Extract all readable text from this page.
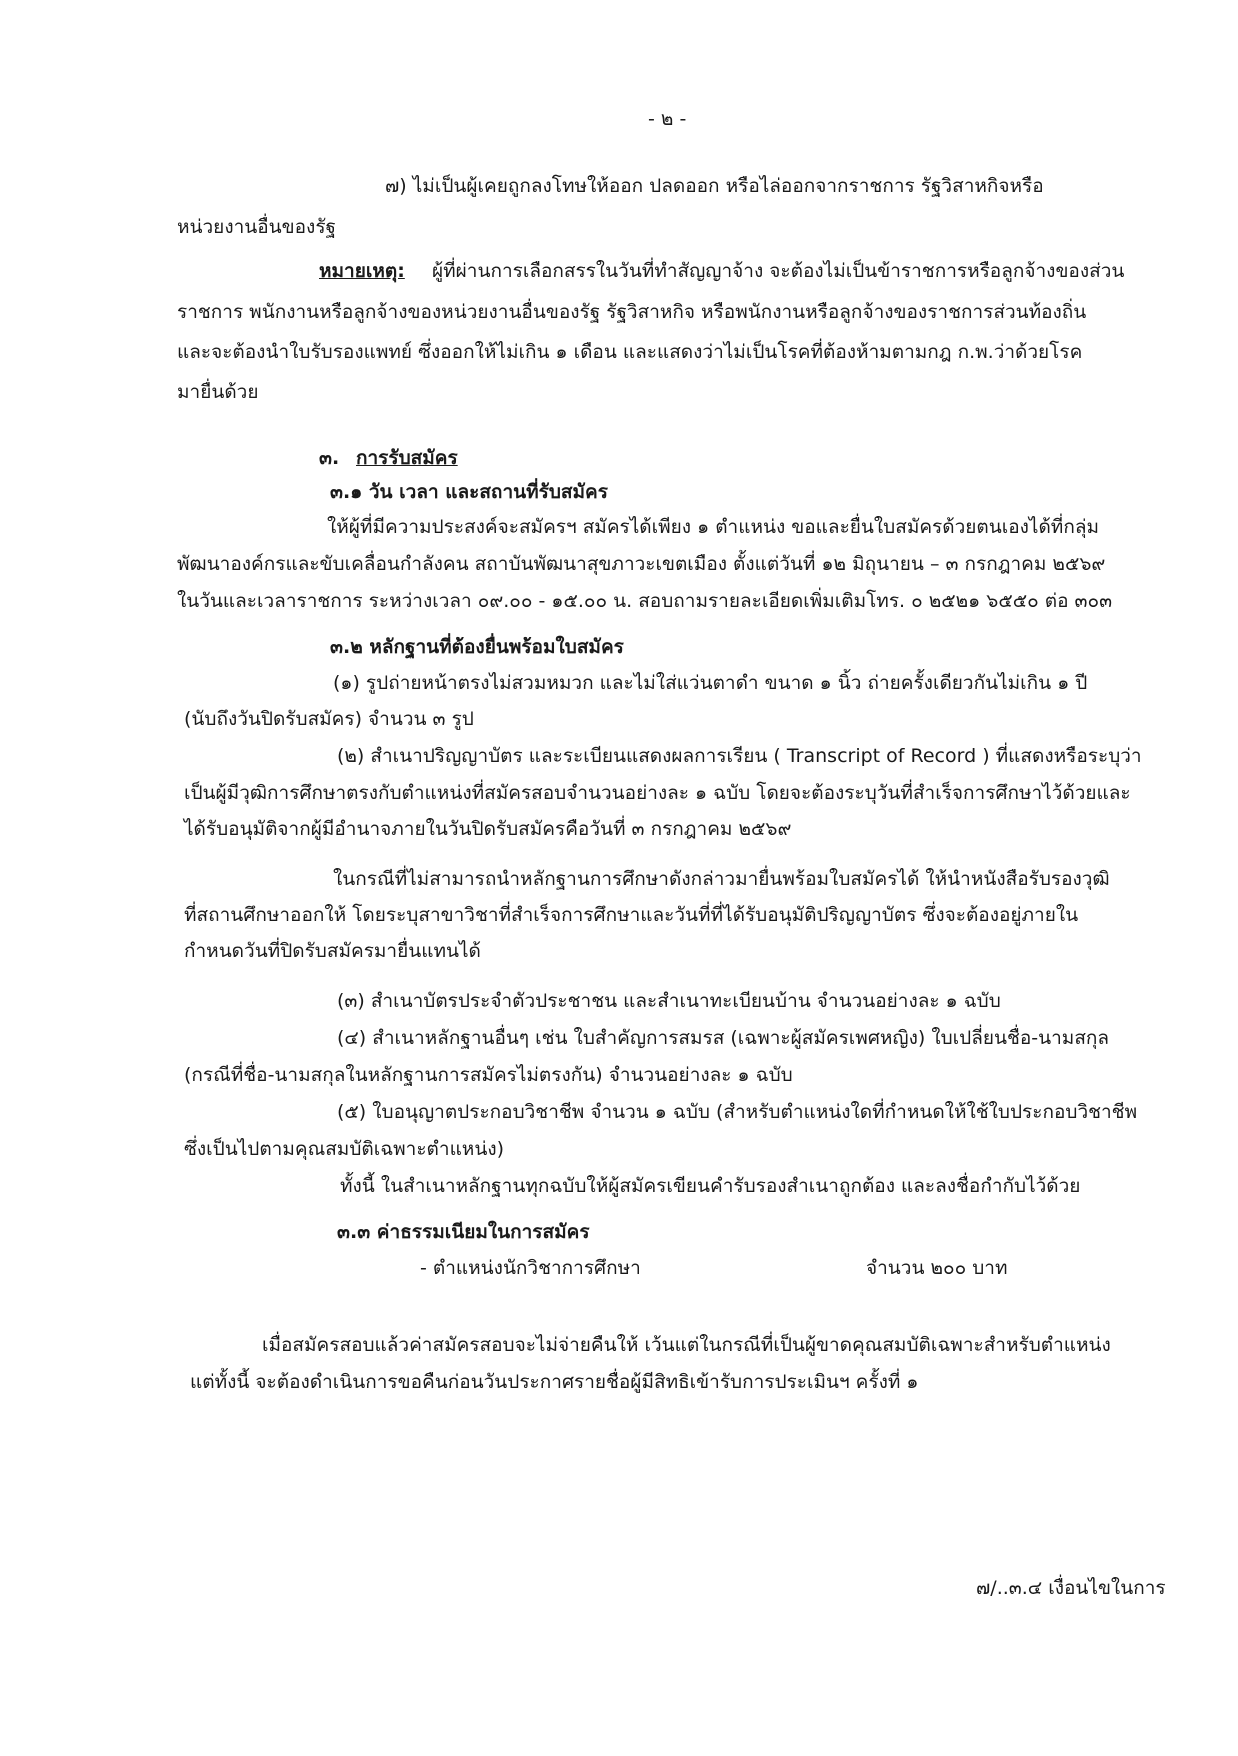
- ๒ -

๗) ไม่เป็นผู้เคยถูกลงโทษให้ออก ปลดออก หรือไล่ออกจากราชการ รัฐวิสาหกิจหรือ

หน่วยงานอื่นของรัฐ

หมายเหตุ: ผู้ที่ผ่านการเลือกสรรในวันที่ทำสัญญาจ้าง จะต้องไม่เป็นข้าราชการหรือลูกจ้างของส่วน

ราชการ พนักงานหรือลูกจ้างของหน่วยงานอื่นของรัฐ รัฐวิสาหกิจ หรือพนักงานหรือลูกจ้างของราชการส่วนท้องถิ่น

และจะต้องนำใบรับรองแพทย์ ซึ่งออกให้ไม่เกิน ๑ เดือน และแสดงว่าไม่เป็นโรคที่ต้องห้ามตามกฎ ก.พ.ว่าด้วยโรค

มายื่นด้วย

๓. การรับสมัคร

๓.๑ วัน เวลา และสถานที่รับสมัคร

ให้ผู้ที่มีความประสงค์จะสมัครฯ สมัครได้เพียง ๑ ตำแหน่ง ขอและยื่นใบสมัครด้วยตนเองได้ที่กลุ่ม

พัฒนาองค์กรและขับเคลื่อนกำลังคน สถาบันพัฒนาสุขภาวะเขตเมือง ตั้งแต่วันที่ ๑๒ มิถุนายน – ๓ กรกฎาคม ๒๕๖๙

ในวันและเวลาราชการ ระหว่างเวลา ๐๙.๐๐ - ๑๕.๐๐ น. สอบถามรายละเอียดเพิ่มเติมโทร. ๐ ๒๕๒๑ ๖๕๕๐ ต่อ ๓๐๓

๓.๒ หลักฐานที่ต้องยื่นพร้อมใบสมัคร

(๑) รูปถ่ายหน้าตรงไม่สวมหมวก และไม่ใส่แว่นตาดำ ขนาด ๑ นิ้ว ถ่ายครั้งเดียวกันไม่เกิน ๑ ปี

(นับถึงวันปิดรับสมัคร) จำนวน ๓ รูป

(๒) สำเนาปริญญาบัตร และระเบียนแสดงผลการเรียน ( Transcript of Record ) ที่แสดงหรือระบุว่า

เป็นผู้มีวุฒิการศึกษาตรงกับตำแหน่งที่สมัครสอบจำนวนอย่างละ ๑ ฉบับ โดยจะต้องระบุวันที่สำเร็จการศึกษาไว้ด้วยและ

ได้รับอนุมัติจากผู้มีอำนาจภายในวันปิดรับสมัครคือวันที่ ๓ กรกฎาคม ๒๕๖๙

ในกรณีที่ไม่สามารถนำหลักฐานการศึกษาดังกล่าวมายื่นพร้อมใบสมัครได้ ให้นำหนังสือรับรองวุฒิ

ที่สถานศึกษาออกให้ โดยระบุสาขาวิชาที่สำเร็จการศึกษาและวันที่ที่ได้รับอนุมัติปริญญาบัตร ซึ่งจะต้องอยู่ภายใน

กำหนดวันที่ปิดรับสมัครมายื่นแทนได้

(๓) สำเนาบัตรประจำตัวประชาชน และสำเนาทะเบียนบ้าน จำนวนอย่างละ ๑ ฉบับ

(๔) สำเนาหลักฐานอื่นๆ เช่น ใบสำคัญการสมรส (เฉพาะผู้สมัครเพศหญิง) ใบเปลี่ยนชื่อ-นามสกุล

(กรณีที่ชื่อ-นามสกุลในหลักฐานการสมัครไม่ตรงกัน) จำนวนอย่างละ ๑ ฉบับ

(๕) ใบอนุญาตประกอบวิชาชีพ จำนวน ๑ ฉบับ (สำหรับตำแหน่งใดที่กำหนดให้ใช้ใบประกอบวิชาชีพ

ซึ่งเป็นไปตามคุณสมบัติเฉพาะตำแหน่ง)

ทั้งนี้ ในสำเนาหลักฐานทุกฉบับให้ผู้สมัครเขียนคำรับรองสำเนาถูกต้อง และลงชื่อกำกับไว้ด้วย

๓.๓ ค่าธรรมเนียมในการสมัคร

- ตำแหน่งนักวิชาการศึกษา	จำนวน ๒๐๐ บาท

เมื่อสมัครสอบแล้วค่าสมัครสอบจะไม่จ่ายคืนให้ เว้นแต่ในกรณีที่เป็นผู้ขาดคุณสมบัติเฉพาะสำหรับตำแหน่ง

แต่ทั้งนี้ จะต้องดำเนินการขอคืนก่อนวันประกาศรายชื่อผู้มีสิทธิเข้ารับการประเมินฯ ครั้งที่ ๑

๗/..๓.๔ เงื่อนไขในการ
